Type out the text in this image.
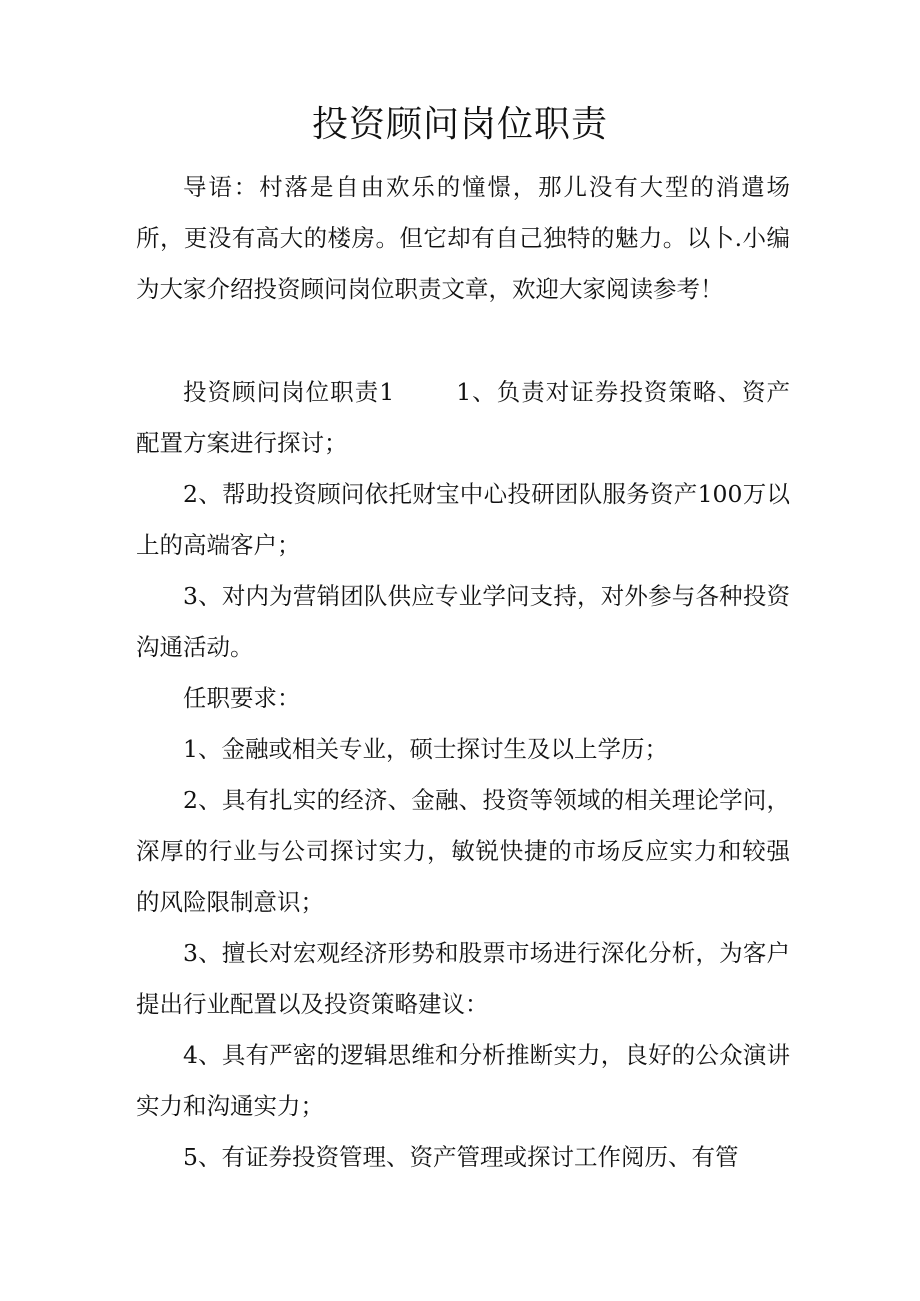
投资顾问岗位职责

导语：村落是自由欢乐的憧憬，那儿没有大型的消遣场所，更没有高大的楼房。但它却有自己独特的魅力。以卜.小编为大家介绍投资顾问岗位职责文章，欢迎大家阅读参考！

投资顾问岗位职责1	1、负责对证券投资策略、资产配置方案进行探讨；

2、帮助投资顾问依托财宝中心投研团队服务资产100万以上的高端客户；

3、对内为营销团队供应专业学问支持，对外参与各种投资沟通活动。

任职要求：

1、金融或相关专业，硕士探讨生及以上学历；

2、具有扎实的经济、金融、投资等领域的相关理论学问，深厚的行业与公司探讨实力，敏锐快捷的市场反应实力和较强的风险限制意识；

3、擅长对宏观经济形势和股票市场进行深化分析，为客户提出行业配置以及投资策略建议：

4、具有严密的逻辑思维和分析推断实力，良好的公众演讲实力和沟通实力；

5、有证券投资管理、资产管理或探讨工作阅历、有管
